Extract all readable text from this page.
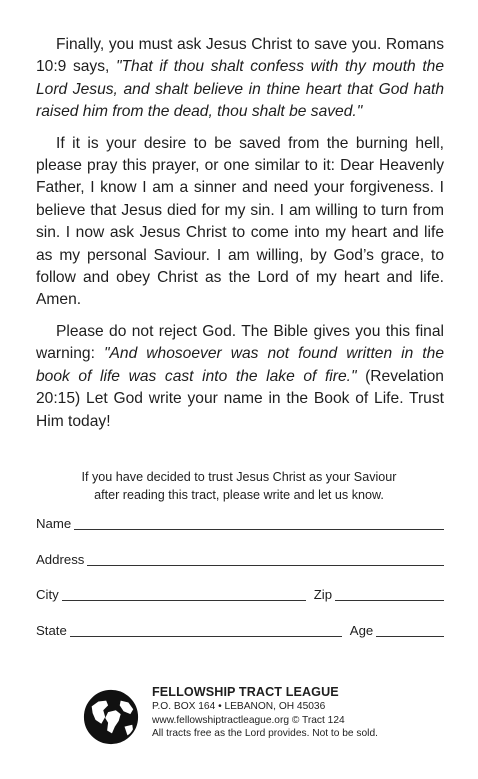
Finally, you must ask Jesus Christ to save you. Romans 10:9 says, "That if thou shalt confess with thy mouth the Lord Jesus, and shalt believe in thine heart that God hath raised him from the dead, thou shalt be saved."

If it is your desire to be saved from the burning hell, please pray this prayer, or one similar to it: Dear Heavenly Father, I know I am a sinner and need your forgiveness. I believe that Jesus died for my sin. I am willing to turn from sin. I now ask Jesus Christ to come into my heart and life as my personal Saviour. I am willing, by God’s grace, to follow and obey Christ as the Lord of my heart and life. Amen.

Please do not reject God. The Bible gives you this final warning: "And whosoever was not found written in the book of life was cast into the lake of fire." (Revelation 20:15) Let God write your name in the Book of Life. Trust Him today!

If you have decided to trust Jesus Christ as your Saviour
after reading this tract, please write and let us know.
Name
Address
City	Zip
State	Age
FELLOWSHIP TRACT LEAGUE
P.O. BOX 164 • LEBANON, OH 45036
www.fellowshiptractleague.org © Tract 124
All tracts free as the Lord provides. Not to be sold.
